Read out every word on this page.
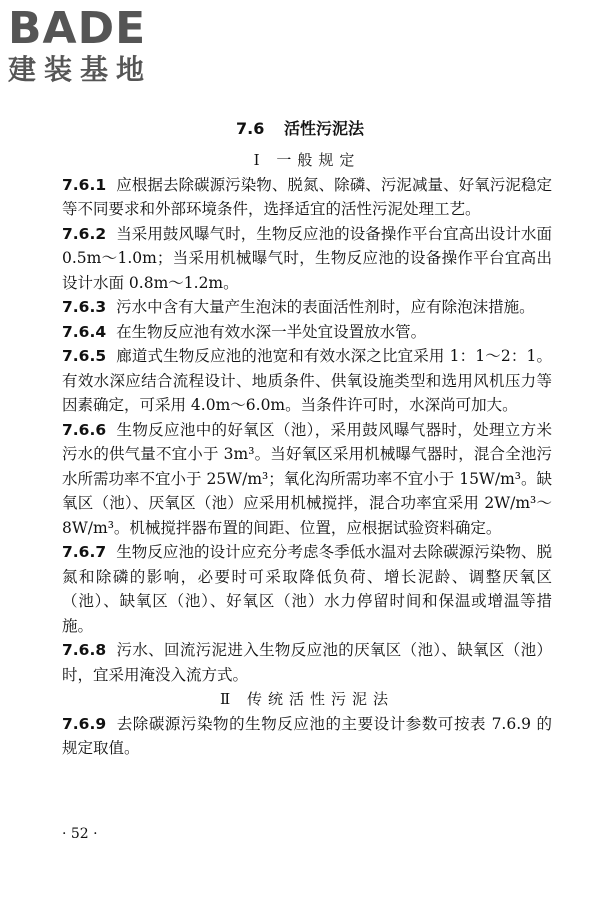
BADE
建装基地
7.6 活性污泥法

Ⅰ 一般规定

7.6.1 应根据去除碳源污染物、脱氮、除磷、污泥减量、好氧污泥稳定等不同要求和外部环境条件，选择适宜的活性污泥处理工艺。

7.6.2 当采用鼓风曝气时，生物反应池的设备操作平台宜高出设计水面 0.5m～1.0m；当采用机械曝气时，生物反应池的设备操作平台宜高出设计水面 0.8m～1.2m。

7.6.3 污水中含有大量产生泡沫的表面活性剂时，应有除泡沫措施。

7.6.4 在生物反应池有效水深一半处宜设置放水管。

7.6.5 廊道式生物反应池的池宽和有效水深之比宜采用 1：1～2：1。有效水深应结合流程设计、地质条件、供氧设施类型和选用风机压力等因素确定，可采用 4.0m～6.0m。当条件许可时，水深尚可加大。

7.6.6 生物反应池中的好氧区（池），采用鼓风曝气器时，处理立方米污水的供气量不宜小于 3m³。当好氧区采用机械曝气器时，混合全池污水所需功率不宜小于 25W/m³；氧化沟所需功率不宜小于 15W/m³。缺氧区（池）、厌氧区（池）应采用机械搅拌，混合功率宜采用 2W/m³～8W/m³。机械搅拌器布置的间距、位置，应根据试验资料确定。

7.6.7 生物反应池的设计应充分考虑冬季低水温对去除碳源污染物、脱氮和除磷的影响，必要时可采取降低负荷、增长泥龄、调整厌氧区（池）、缺氧区（池）、好氧区（池）水力停留时间和保温或增温等措施。

7.6.8 污水、回流污泥进入生物反应池的厌氧区（池）、缺氧区（池）时，宜采用淹没入流方式。

Ⅱ 传统活性污泥法

7.6.9 去除碳源污染物的生物反应池的主要设计参数可按表 7.6.9 的规定取值。

· 52 ·
